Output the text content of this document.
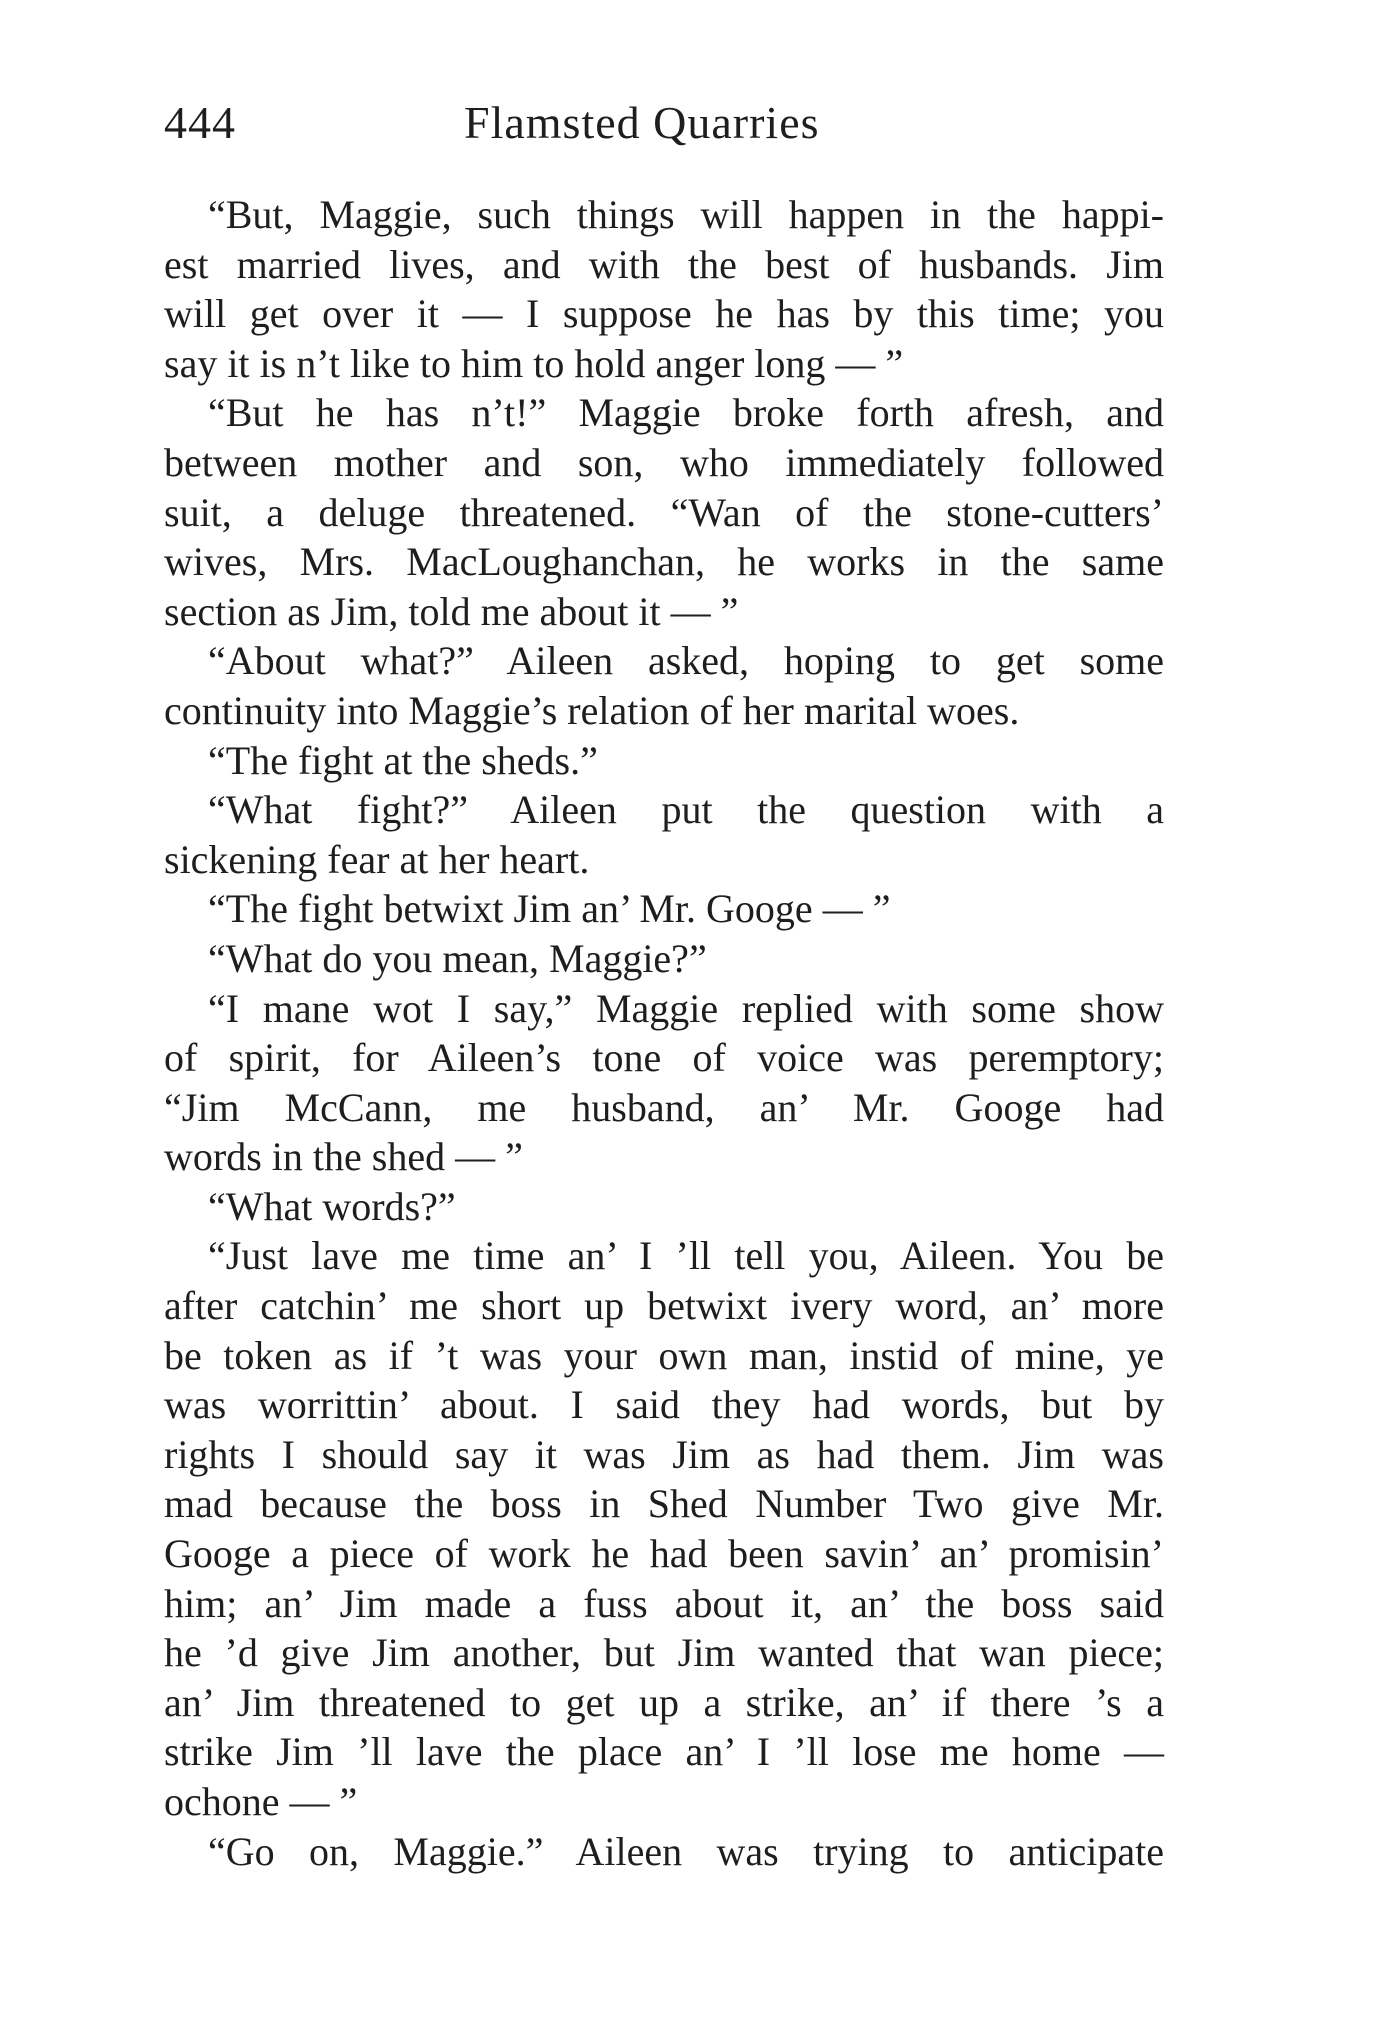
444	Flamsted Quarries
“But, Maggie, such things will happen in the happi-
est married lives, and with the best of husbands. Jim
will get over it — I suppose he has by this time; you
say it is n’t like to him to hold anger long — ”
“But he has n’t!” Maggie broke forth afresh, and
between mother and son, who immediately followed
suit, a deluge threatened. “Wan of the stone-cutters’
wives, Mrs. MacLoughanchan, he works in the same
section as Jim, told me about it — ”
“About what?” Aileen asked, hoping to get some
continuity into Maggie’s relation of her marital woes.
“The fight at the sheds.”
“What fight?” Aileen put the question with a
sickening fear at her heart.
“The fight betwixt Jim an’ Mr. Googe — ”
“What do you mean, Maggie?”
“I mane wot I say,” Maggie replied with some show
of spirit, for Aileen’s tone of voice was peremptory;
“Jim McCann, me husband, an’ Mr. Googe had
words in the shed — ”
“What words?”
“Just lave me time an’ I ’ll tell you, Aileen. You be
after catchin’ me short up betwixt ivery word, an’ more
be token as if ’t was your own man, instid of mine, ye
was worrittin’ about. I said they had words, but by
rights I should say it was Jim as had them. Jim was
mad because the boss in Shed Number Two give Mr.
Googe a piece of work he had been savin’ an’ promisin’
him; an’ Jim made a fuss about it, an’ the boss said
he ’d give Jim another, but Jim wanted that wan piece;
an’ Jim threatened to get up a strike, an’ if there ’s a
strike Jim ’ll lave the place an’ I ’ll lose me home —
ochone — ”
“Go on, Maggie.” Aileen was trying to anticipate
